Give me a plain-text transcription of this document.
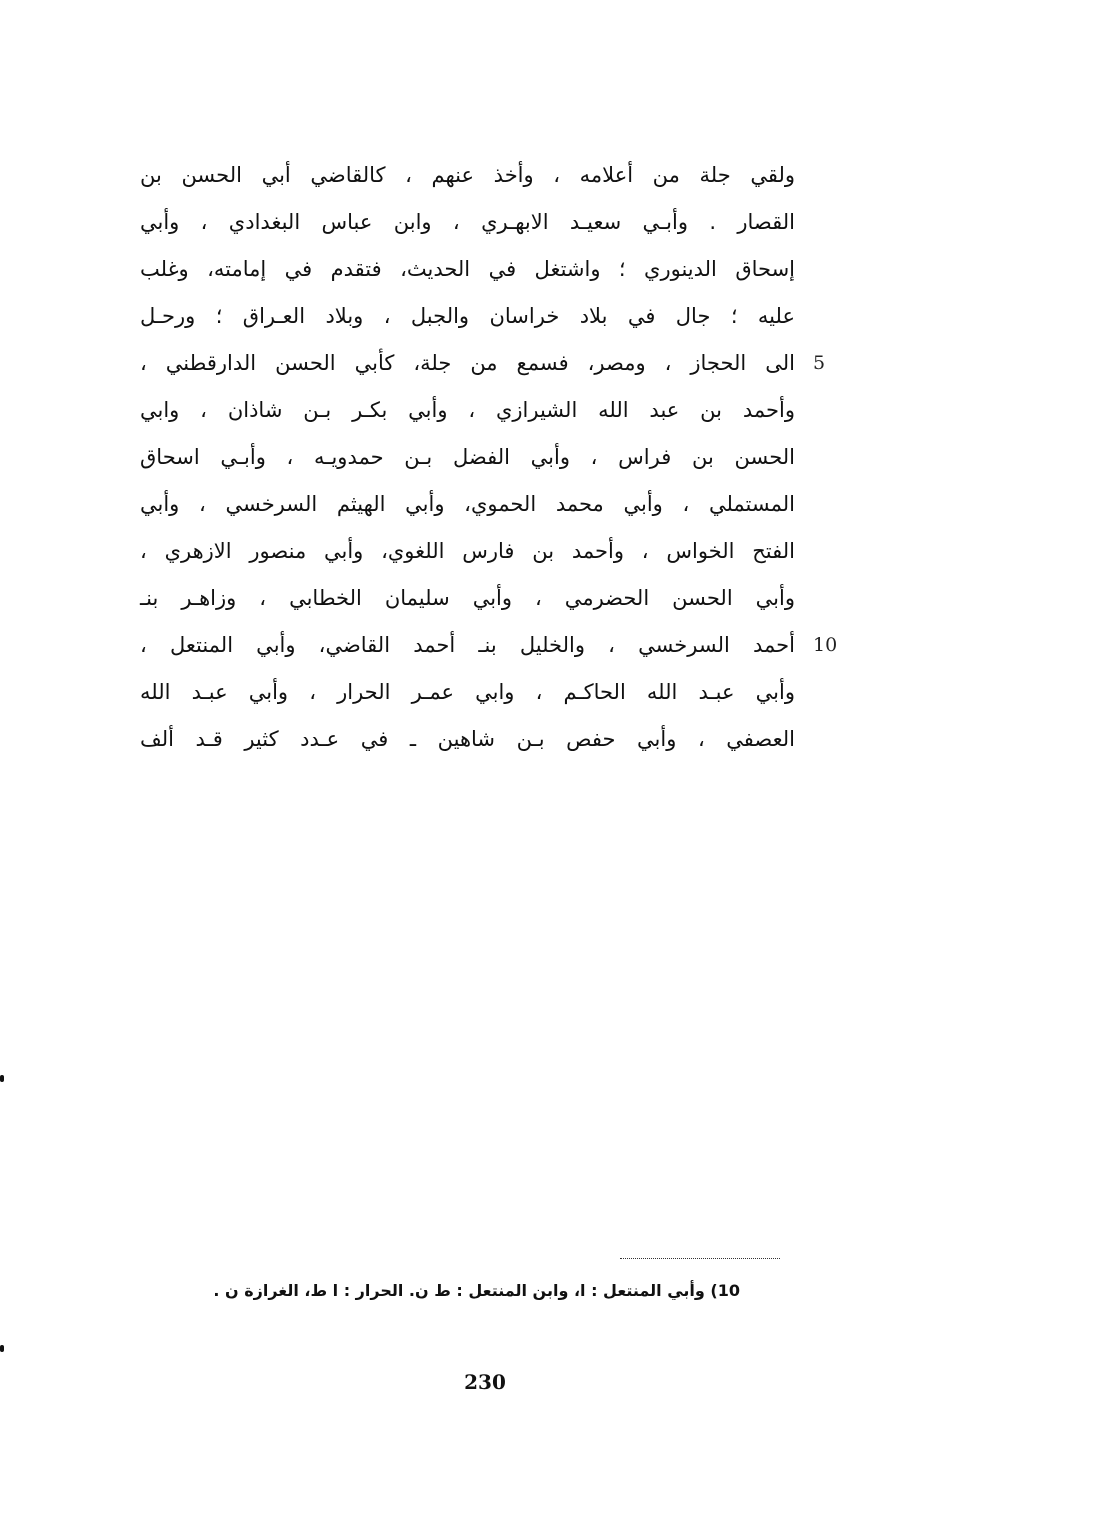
ولقي جلة من أعلامه ، وأخذ عنهم ، كالقاضي أبي الحسن بن
القصار . وأبـي سعيـد الابهـري ، وابن عباس البغدادي ، وأبي
إسحاق الدينوري ؛ واشتغل في الحديث، فتقدم في إمامته، وغلب
عليه ؛ جال في بلاد خراسان والجبل ، وبلاد العـراق ؛ ورحـل
الى الحجاز ، ومصر، فسمع من جلة، كأبي الحسن الدارقطني ، 5
وأحمد بن عبد الله الشيرازي ، وأبي بكـر بـن شاذان ، وابي
الحسن بن فراس ، وأبي الفضل بـن حمدويـه ، وأبـي اسحاق
المستملي ، وأبي محمد الحموي، وأبي الهيثم السرخسي ، وأبي
الفتح الخواس ، وأحمد بن فارس اللغوي، وأبي منصور الازهري ،
وأبي الحسن الحضرمي ، وأبي سليمان الخطابي ، وزاهـر بنـ
أحمد السرخسي ، والخليل بنـ أحمد القاضي، وأبي المنتعل ، 10
وأبي عبـد الله الحاكـم ، وابي عمـر الحرار ، وأبي عبـد الله
العصفي ، وأبي حفص بـن شاهين ـ في عـدد كثير قـد ألف
10) وأبي المنتعل : ا، وابن المنتعل : ط ن. الحرار : ا ط، الغرازة ن .
230
